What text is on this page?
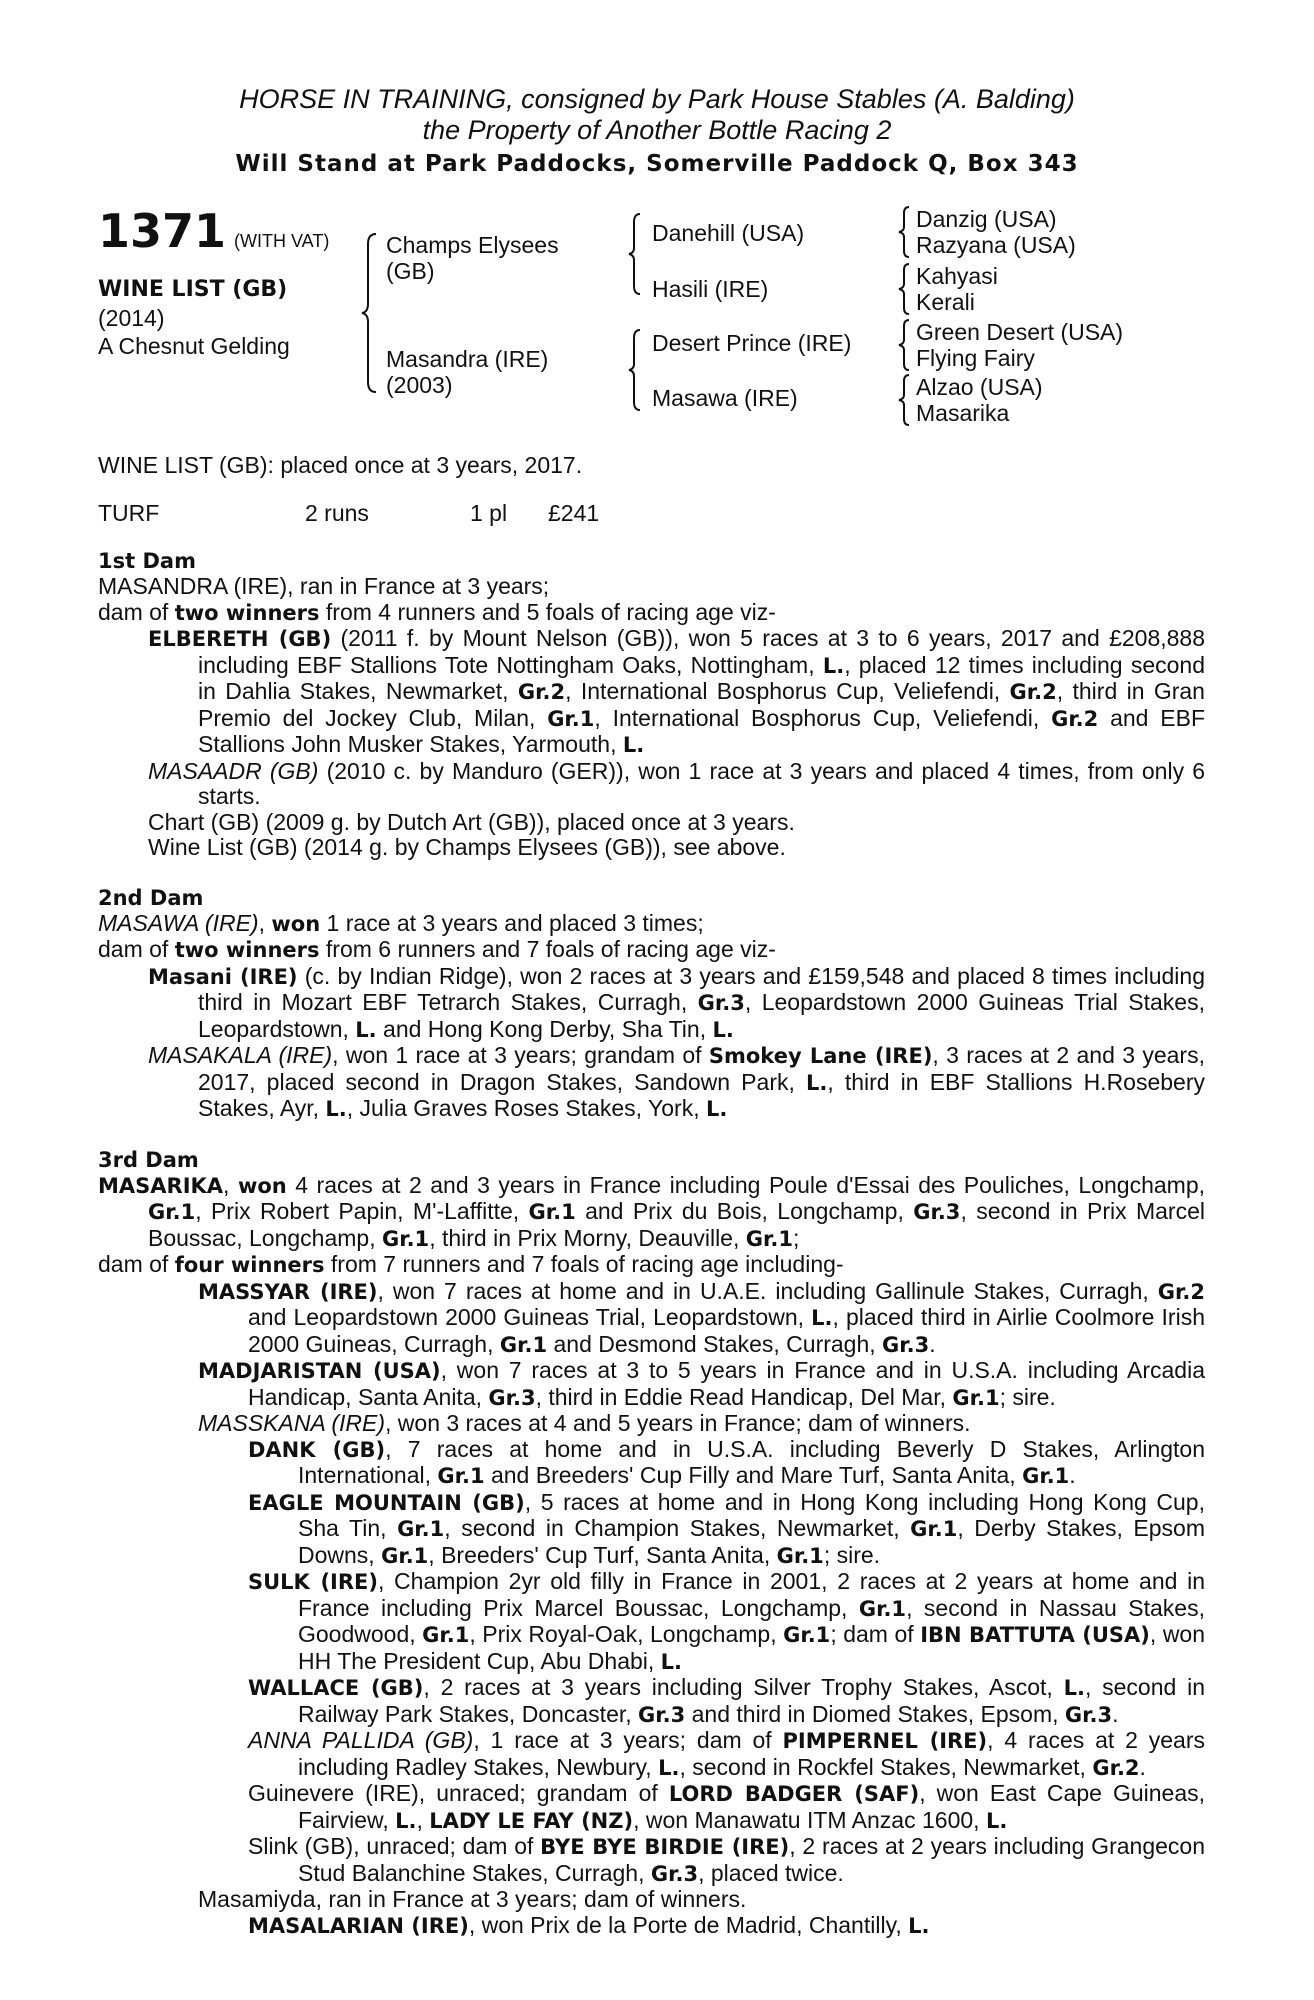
HORSE IN TRAINING, consigned by Park House Stables (A. Balding)
the Property of Another Bottle Racing 2
Will Stand at Park Paddocks, Somerville Paddock Q, Box 343
1371 (WITH VAT)
WINE LIST (GB)
(2014)
A Chesnut Gelding
Champs Elysees
(GB)
Masandra (IRE)
(2003)
Danehill (USA)
Hasili (IRE)
Desert Prince (IRE)
Masawa (IRE)
Danzig (USA)
Razyana (USA)
Kahyasi
Kerali
Green Desert (USA)
Flying Fairy
Alzao (USA)
Masarika
WINE LIST (GB): placed once at 3 years, 2017.
TURF	2 runs	1 pl £241
1st Dam
MASANDRA (IRE), ran in France at 3 years;
dam of two winners from 4 runners and 5 foals of racing age viz-
ELBERETH (GB) (2011 f. by Mount Nelson (GB)), won 5 races at 3 to 6 years, 2017 and £208,888 including EBF Stallions Tote Nottingham Oaks, Nottingham, L., placed 12 times including second in Dahlia Stakes, Newmarket, Gr.2, International Bosphorus Cup, Veliefendi, Gr.2, third in Gran Premio del Jockey Club, Milan, Gr.1, International Bosphorus Cup, Veliefendi, Gr.2 and EBF Stallions John Musker Stakes, Yarmouth, L.
MASAADR (GB) (2010 c. by Manduro (GER)), won 1 race at 3 years and placed 4 times, from only 6 starts.
Chart (GB) (2009 g. by Dutch Art (GB)), placed once at 3 years.
Wine List (GB) (2014 g. by Champs Elysees (GB)), see above.
2nd Dam
MASAWA (IRE), won 1 race at 3 years and placed 3 times;
dam of two winners from 6 runners and 7 foals of racing age viz-
Masani (IRE) (c. by Indian Ridge), won 2 races at 3 years and £159,548 and placed 8 times including third in Mozart EBF Tetrarch Stakes, Curragh, Gr.3, Leopardstown 2000 Guineas Trial Stakes, Leopardstown, L. and Hong Kong Derby, Sha Tin, L.
MASAKALA (IRE), won 1 race at 3 years; grandam of Smokey Lane (IRE), 3 races at 2 and 3 years, 2017, placed second in Dragon Stakes, Sandown Park, L., third in EBF Stallions H.Rosebery Stakes, Ayr, L., Julia Graves Roses Stakes, York, L.
3rd Dam
MASARIKA, won 4 races at 2 and 3 years in France including Poule d'Essai des Pouliches, Longchamp, Gr.1, Prix Robert Papin, M'-Laffitte, Gr.1 and Prix du Bois, Longchamp, Gr.3, second in Prix Marcel Boussac, Longchamp, Gr.1, third in Prix Morny, Deauville, Gr.1;
dam of four winners from 7 runners and 7 foals of racing age including-
MASSYAR (IRE), won 7 races at home and in U.A.E. including Gallinule Stakes, Curragh, Gr.2 and Leopardstown 2000 Guineas Trial, Leopardstown, L., placed third in Airlie Coolmore Irish 2000 Guineas, Curragh, Gr.1 and Desmond Stakes, Curragh, Gr.3.
MADJARISTAN (USA), won 7 races at 3 to 5 years in France and in U.S.A. including Arcadia Handicap, Santa Anita, Gr.3, third in Eddie Read Handicap, Del Mar, Gr.1; sire.
MASSKANA (IRE), won 3 races at 4 and 5 years in France; dam of winners.
DANK (GB), 7 races at home and in U.S.A. including Beverly D Stakes, Arlington International, Gr.1 and Breeders' Cup Filly and Mare Turf, Santa Anita, Gr.1.
EAGLE MOUNTAIN (GB), 5 races at home and in Hong Kong including Hong Kong Cup, Sha Tin, Gr.1, second in Champion Stakes, Newmarket, Gr.1, Derby Stakes, Epsom Downs, Gr.1, Breeders' Cup Turf, Santa Anita, Gr.1; sire.
SULK (IRE), Champion 2yr old filly in France in 2001, 2 races at 2 years at home and in France including Prix Marcel Boussac, Longchamp, Gr.1, second in Nassau Stakes, Goodwood, Gr.1, Prix Royal-Oak, Longchamp, Gr.1; dam of IBN BATTUTA (USA), won HH The President Cup, Abu Dhabi, L.
WALLACE (GB), 2 races at 3 years including Silver Trophy Stakes, Ascot, L., second in Railway Park Stakes, Doncaster, Gr.3 and third in Diomed Stakes, Epsom, Gr.3.
ANNA PALLIDA (GB), 1 race at 3 years; dam of PIMPERNEL (IRE), 4 races at 2 years including Radley Stakes, Newbury, L., second in Rockfel Stakes, Newmarket, Gr.2.
Guinevere (IRE), unraced; grandam of LORD BADGER (SAF), won East Cape Guineas, Fairview, L., LADY LE FAY (NZ), won Manawatu ITM Anzac 1600, L.
Slink (GB), unraced; dam of BYE BYE BIRDIE (IRE), 2 races at 2 years including Grangecon Stud Balanchine Stakes, Curragh, Gr.3, placed twice.
Masamiyda, ran in France at 3 years; dam of winners.
MASALARIAN (IRE), won Prix de la Porte de Madrid, Chantilly, L.
